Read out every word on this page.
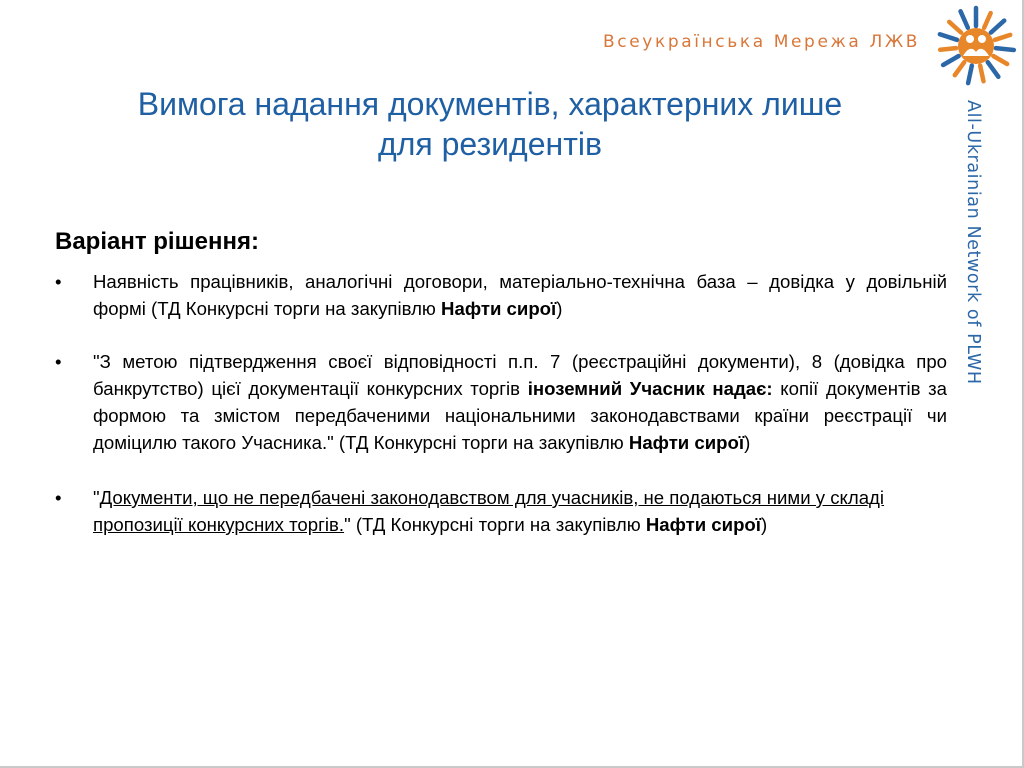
Всеукраїнська Мережа ЛЖВ
All-Ukrainian Network of PLWH
Вимога надання документів, характерних лише
для резидентів
Варіант рішення:
•	Наявність працівників, аналогічні договори, матеріально-технічна база – довідка у довільній формі (ТД Конкурсні торги на закупівлю Нафти сирої)
•	"З метою підтвердження своєї відповідності п.п. 7 (реєстраційні документи), 8 (довідка про банкрутство) цієї документації конкурсних торгів іноземний Учасник надає: копії документів за формою та змістом передбаченими національними законодавствами країни реєстрації чи доміцилю такого Учасника." (ТД Конкурсні торги на закупівлю Нафти сирої)
•	"Документи, що не передбачені законодавством для учасників, не подаються ними у складі пропозиції конкурсних торгів." (ТД Конкурсні торги на закупівлю Нафти сирої)
